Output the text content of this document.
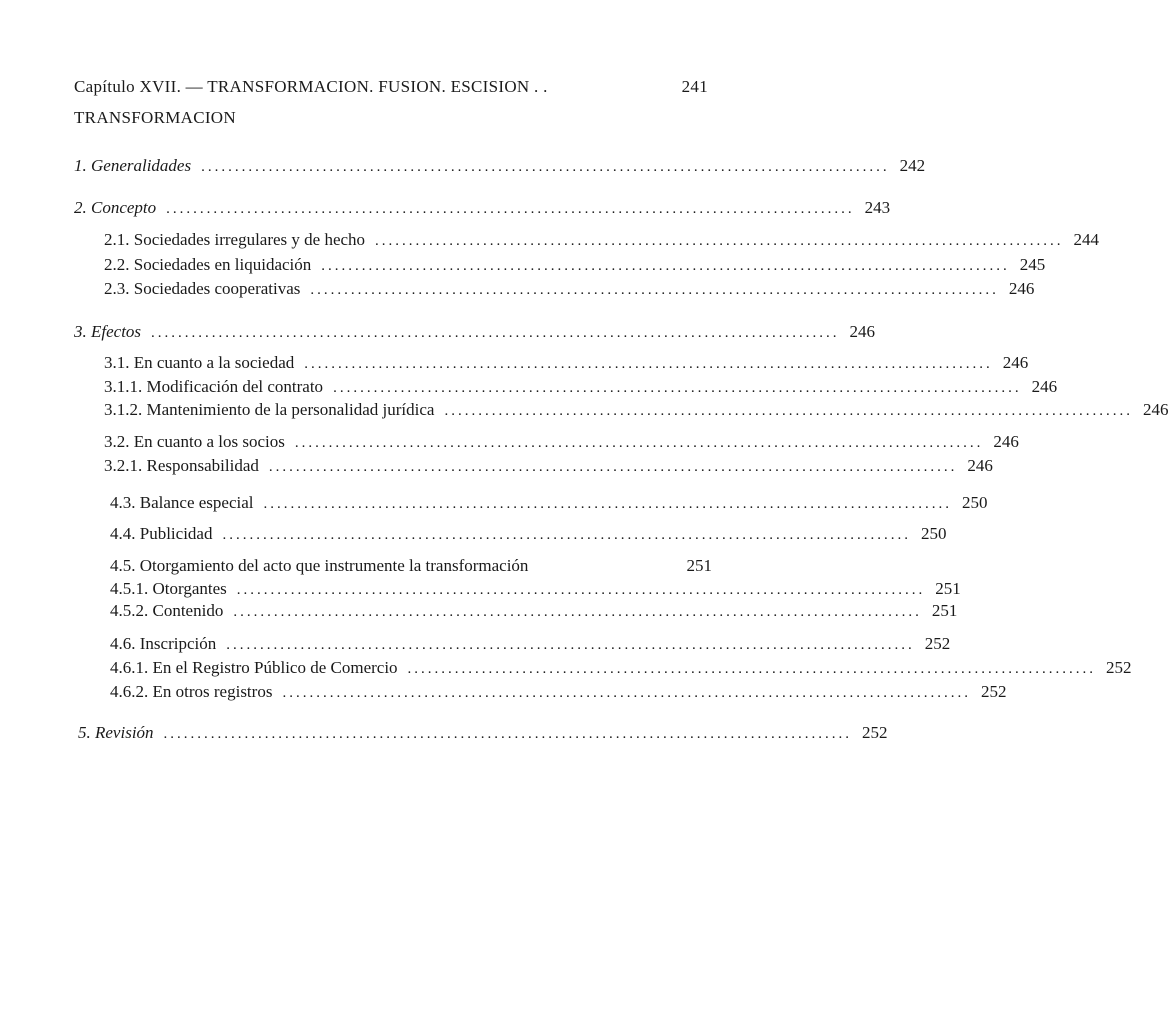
Capítulo XVII. — TRANSFORMACION. FUSION. ESCISION . .	241
TRANSFORMACION
1. Generalidades ...................................................................................................... 242
2. Concepto ...................................................................................................... 243
2.1. Sociedades irregulares y de hecho ...................................................................................................... 244
2.2. Sociedades en liquidación ...................................................................................................... 245
2.3. Sociedades cooperativas ...................................................................................................... 246
3. Efectos ...................................................................................................... 246
3.1. En cuanto a la sociedad ...................................................................................................... 246
3.1.1. Modificación del contrato ...................................................................................................... 246
3.1.2. Mantenimiento de la personalidad jurídica ...................................................................................................... 246
3.2. En cuanto a los socios ...................................................................................................... 246
3.2.1. Responsabilidad ...................................................................................................... 246
4.3. Balance especial ...................................................................................................... 250
4.4. Publicidad ...................................................................................................... 250
4.5. Otorgamiento del acto que instrumente la transformación	251
4.5.1. Otorgantes ...................................................................................................... 251
4.5.2. Contenido ...................................................................................................... 251
4.6. Inscripción ...................................................................................................... 252
4.6.1. En el Registro Público de Comercio ...................................................................................................... 252
4.6.2. En otros registros ...................................................................................................... 252
5. Revisión ...................................................................................................... 252
